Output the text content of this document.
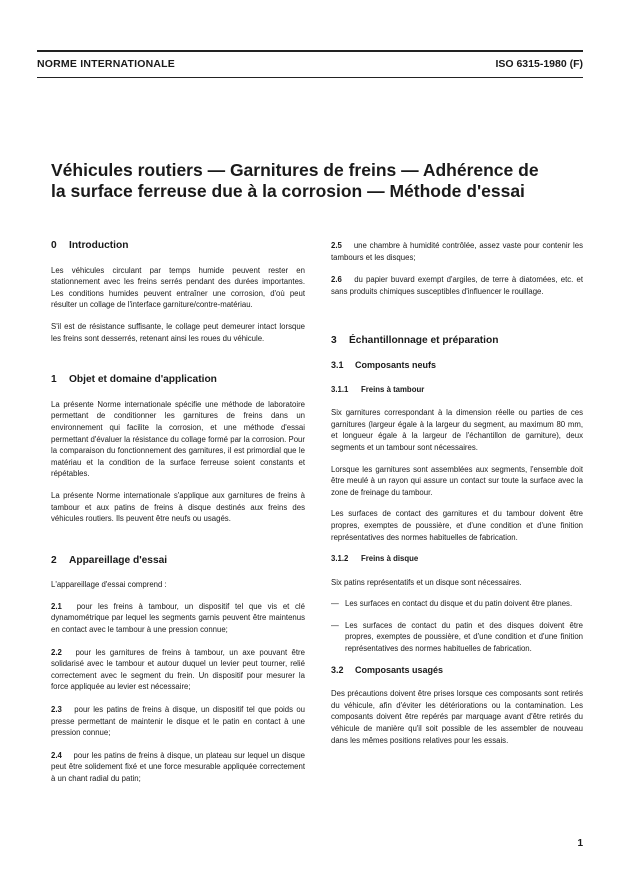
NORME INTERNATIONALE	ISO 6315-1980 (F)
Véhicules routiers — Garnitures de freins — Adhérence de
la surface ferreuse due à la corrosion — Méthode d'essai
0 Introduction

Les véhicules circulant par temps humide peuvent rester en stationnement avec les freins serrés pendant des durées importantes. Les conditions humides peuvent entraîner une corrosion, d'où peut résulter un collage de l'interface garniture/contre-matériau.

S'il est de résistance suffisante, le collage peut demeurer intact lorsque les freins sont desserrés, retenant ainsi les roues du véhicule.

1 Objet et domaine d'application

La présente Norme internationale spécifie une méthode de laboratoire permettant de conditionner les garnitures de freins dans un environnement qui facilite la corrosion, et une méthode d'essai permettant d'évaluer la résistance du collage formé par la corrosion. Pour la comparaison du fonctionnement des garnitures, il est primordial que le matériau et la condition de la surface ferreuse soient constants et répétables.

La présente Norme internationale s'applique aux garnitures de freins à tambour et aux patins de freins à disque destinés aux freins des véhicules routiers. Ils peuvent être neufs ou usagés.

2 Appareillage d'essai

L'appareillage d'essai comprend :

2.1 pour les freins à tambour, un dispositif tel que vis et clé dynamométrique par lequel les segments garnis peuvent être maintenus en contact avec le tambour à une pression connue;
2.2 pour les garnitures de freins à tambour, un axe pouvant être solidarisé avec le tambour et autour duquel un levier peut tourner, relié correctement avec le segment du frein. Un dispositif pour mesurer la force appliquée au levier est nécessaire;
2.3 pour les patins de freins à disque, un dispositif tel que poids ou presse permettant de maintenir le disque et le patin en contact à une pression connue;
2.4 pour les patins de freins à disque, un plateau sur lequel un disque peut être solidement fixé et une force mesurable appliquée correctement à un chant radial du patin;
2.5 une chambre à humidité contrôlée, assez vaste pour contenir les tambours et les disques;
2.6 du papier buvard exempt d'argiles, de terre à diatomées, etc. et sans produits chimiques susceptibles d'influencer le rouillage.
3 Échantillonnage et préparation
3.1 Composants neufs
3.1.1 Freins à tambour

Six garnitures correspondant à la dimension réelle ou parties de ces garnitures (largeur égale à la largeur du segment, au maximum 80 mm, et longueur égale à la largeur de l'échantillon de garniture), deux segments et un tambour sont nécessaires.

Lorsque les garnitures sont assemblées aux segments, l'ensemble doit être meulé à un rayon qui assure un contact sur toute la surface avec la zone de freinage du tambour.

Les surfaces de contact des garnitures et du tambour doivent être propres, exemptes de poussière, et d'une condition et d'une finition représentatives des normes habituelles de fabrication.

3.1.2 Freins à disque

Six patins représentatifs et un disque sont nécessaires.

— Les surfaces en contact du disque et du patin doivent être planes.
— Les surfaces de contact du patin et des disques doivent être propres, exemptes de poussière, et d'une condition et d'une finition représentatives des normes habituelles de fabrication.
3.2 Composants usagés

Des précautions doivent être prises lorsque ces composants sont retirés du véhicule, afin d'éviter les détériorations ou la contamination. Les composants doivent être repérés par marquage avant d'être retirés du véhicule de manière qu'il soit possible de les assembler de nouveau dans les mêmes positions relatives pour les essais.

1
